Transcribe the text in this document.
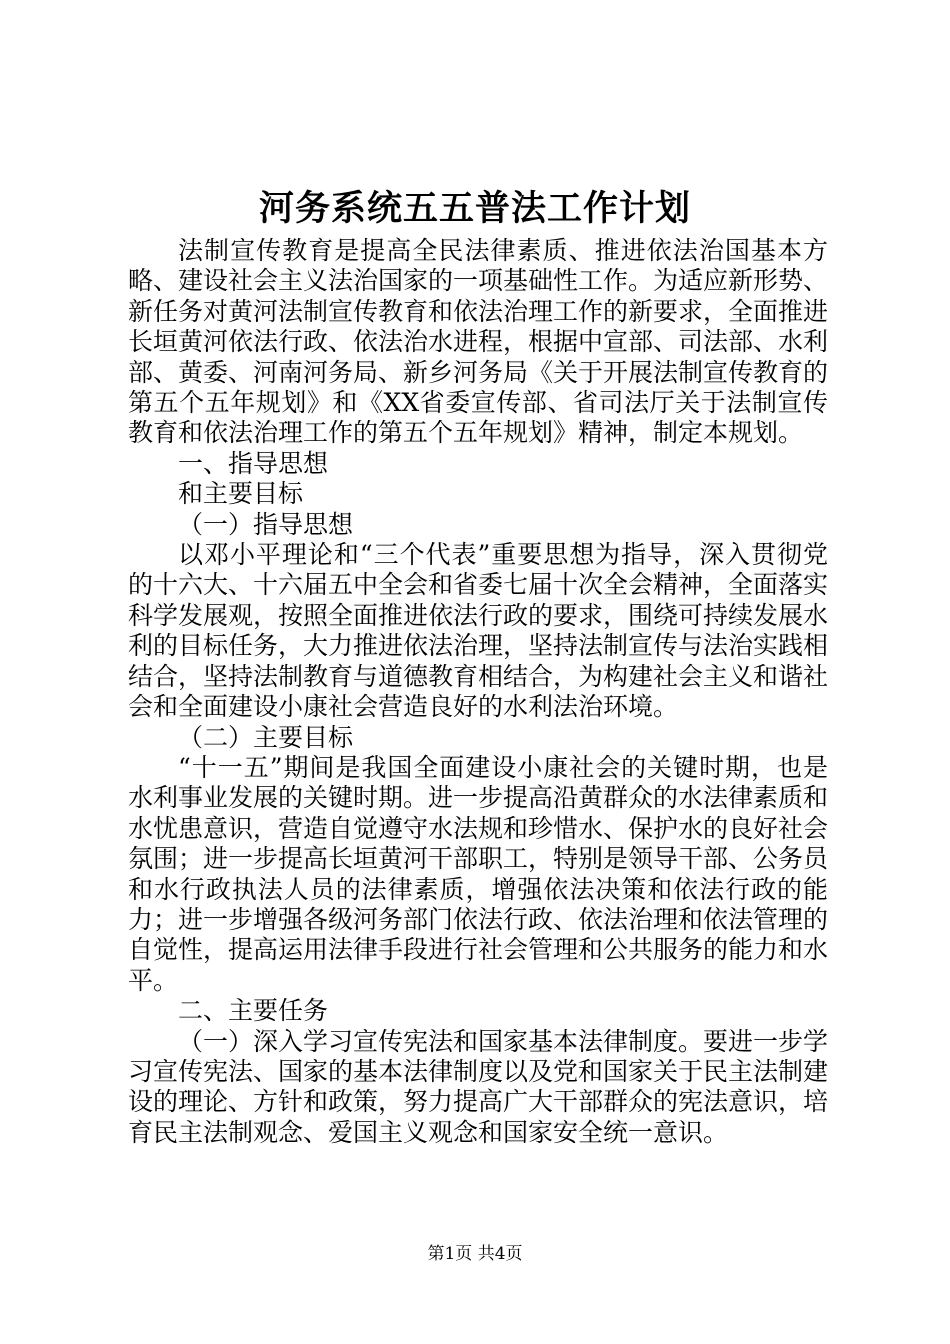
河务系统五五普法工作计划

法制宣传教育是提高全民法律素质、推进依法治国基本方略、建设社会主义法治国家的一项基础性工作。为适应新形势、新任务对黄河法制宣传教育和依法治理工作的新要求，全面推进长垣黄河依法行政、依法治水进程，根据中宣部、司法部、水利部、黄委、河南河务局、新乡河务局《关于开展法制宣传教育的第五个五年规划》和《XX省委宣传部、省司法厅关于法制宣传教育和依法治理工作的第五个五年规划》精神，制定本规划。

一、指导思想

和主要目标

（一）指导思想

以邓小平理论和“三个代表”重要思想为指导，深入贯彻党的十六大、十六届五中全会和省委七届十次全会精神，全面落实科学发展观，按照全面推进依法行政的要求，围绕可持续发展水利的目标任务，大力推进依法治理，坚持法制宣传与法治实践相结合，坚持法制教育与道德教育相结合，为构建社会主义和谐社会和全面建设小康社会营造良好的水利法治环境。

（二）主要目标

“十一五”期间是我国全面建设小康社会的关键时期，也是水利事业发展的关键时期。进一步提高沿黄群众的水法律素质和水忧患意识，营造自觉遵守水法规和珍惜水、保护水的良好社会氛围；进一步提高长垣黄河干部职工，特别是领导干部、公务员和水行政执法人员的法律素质，增强依法决策和依法行政的能力；进一步增强各级河务部门依法行政、依法治理和依法管理的自觉性，提高运用法律手段进行社会管理和公共服务的能力和水平。

二、主要任务

（一）深入学习宣传宪法和国家基本法律制度。要进一步学习宣传宪法、国家的基本法律制度以及党和国家关于民主法制建设的理论、方针和政策，努力提高广大干部群众的宪法意识，培育民主法制观念、爱国主义观念和国家安全统一意识。

第1页 共4页
